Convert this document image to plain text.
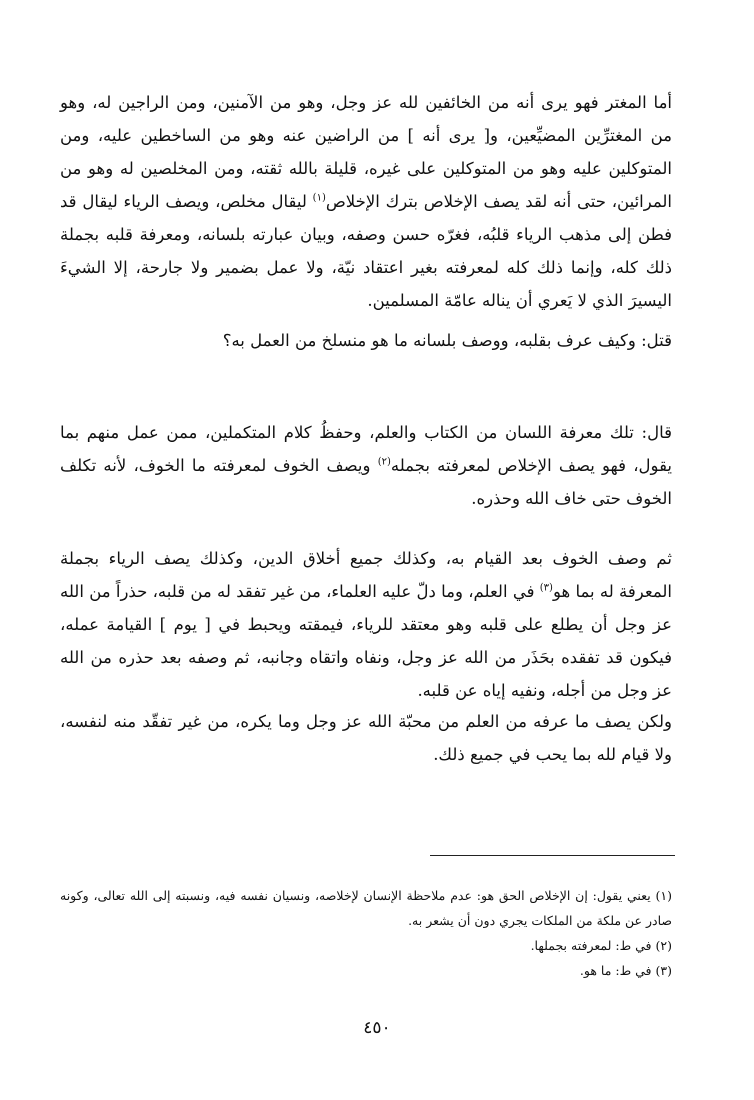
أما المغتر فهو يرى أنه من الخائفين لله عز وجل، وهو من الآمنين، ومن الراجين له، وهو من المغترِّين المضيِّعين، و[ يرى أنه ] من الراضين عنه وهو من الساخطين عليه، ومن المتوكلين عليه وهو من المتوكلين على غيره، قليلة بالله ثقته، ومن المخلصين له وهو من المرائين، حتى أنه لقد يصف الإخلاص بترك الإخلاص$^{(١)}$ ليقال مخلص، ويصف الرياء ليقال قد فطن إلى مذهب الرياء قلبُه، فغرّه حسن وصفه، وبيان عبارته بلسانه، ومعرفة قلبه بجملة ذلك كله، وإنما ذلك كله لمعرفته بغير اعتقاد نيّة، ولا عمل بضمير ولا جارحة، إلا الشيءَ اليسيرَ الذي لا يَعري أن يناله عامّة المسلمين.

قتل: وكيف عرف بقلبه، ووصف بلسانه ما هو منسلخ من العمل به؟

قال: تلك معرفة اللسان من الكتاب والعلم، وحفظُ كلام المتكملين، ممن عمل منهم بما يقول، فهو يصف الإخلاص لمعرفته بجمله$^{(٢)}$ ويصف الخوف لمعرفته ما الخوف، لأنه تكلف الخوف حتى خاف الله وحذره.

ثم وصف الخوف بعد القيام به، وكذلك جميع أخلاق الدين، وكذلك يصف الرياء بجملة المعرفة له بما هو$^{(٣)}$ في العلم، وما دلّ عليه العلماء، من غير تفقد له من قلبه، حذراً من الله عز وجل أن يطلع على قلبه وهو معتقد للرياء، فيمقته ويحبط في [ يوم ] القيامة عمله، فيكون قد تفقده بحَذَر من الله عز وجل، ونفاه واتقاه وجانبه، ثم وصفه بعد حذره من الله عز وجل من أجله، ونفيه إياه عن قلبه.

ولكن يصف ما عرفه من العلم من محبّة الله عز وجل وما يكره، من غير تفقّد منه لنفسه، ولا قيام لله بما يحب في جميع ذلك.

(١) يعني يقول: إن الإخلاص الحق هو: عدم ملاحظة الإنسان لإخلاصه، ونسيان نفسه فيه، ونسبته إلى الله تعالى، وكونه صادر عن ملكة من الملكات يجري دون أن يشعر به.

(٢) في ط: لمعرفته بجملها.

(٣) في ط: ما هو.

٤٥٠
